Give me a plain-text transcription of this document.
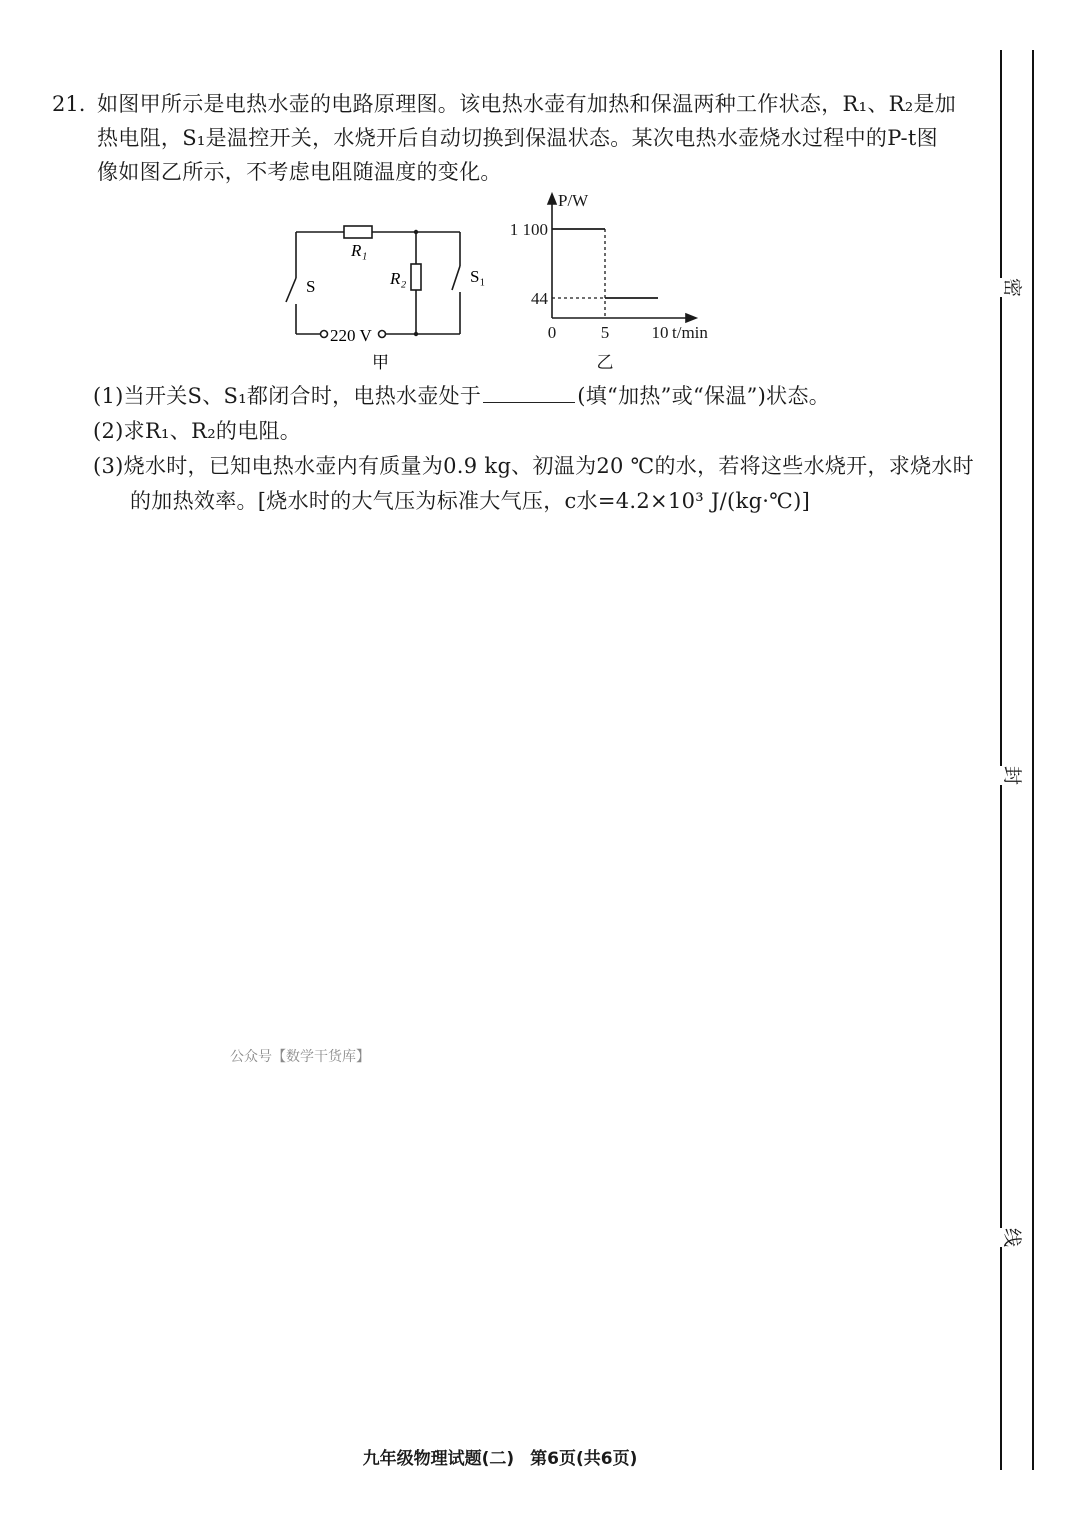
21. 如图甲所示是电热水壶的电路原理图。该电热水壶有加热和保温两种工作状态，R₁、R₂是加
热电阻，S₁是温控开关，水烧开后自动切换到保温状态。某次电热水壶烧水过程中的P-t图
像如图乙所示，不考虑电阻随温度的变化。
R₁
R₂
S
S₁
220 V
甲
P/W
1 100
44
0	5 10 t/min
乙
(1)当开关S、S₁都闭合时，电热水壶处于	(填“加热”或“保温”)状态。
(2)求R₁、R₂的电阻。
(3)烧水时，已知电热水壶内有质量为0.9 kg、初温为20 ℃的水，若将这些水烧开，求烧水时
的加热效率。[烧水时的大气压为标准大气压，c水=4.2×10³ J/(kg·℃)]
公众号【数学干货库】
九年级物理试题(二) 第6页(共6页)
密
封
线
